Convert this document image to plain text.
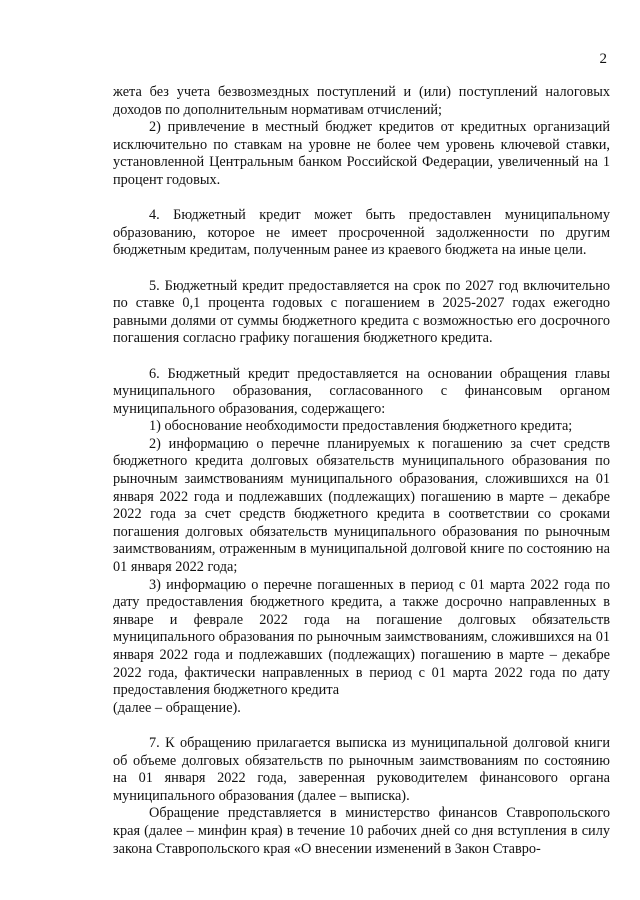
2

жета без учета безвозмездных поступлений и (или) поступлений налоговых доходов по дополнительным нормативам отчислений;

2) привлечение в местный бюджет кредитов от кредитных организаций исключительно по ставкам на уровне не более чем уровень ключевой ставки, установленной Центральным банком Российской Федерации, увеличенный на 1 процент годовых.

4. Бюджетный кредит может быть предоставлен муниципальному образованию, которое не имеет просроченной задолженности по другим бюджетным кредитам, полученным ранее из краевого бюджета на иные цели.

5. Бюджетный кредит предоставляется на срок по 2027 год включительно по ставке 0,1 процента годовых с погашением в 2025-2027 годах ежегодно равными долями от суммы бюджетного кредита с возможностью его досрочного погашения согласно графику погашения бюджетного кредита.

6. Бюджетный кредит предоставляется на основании обращения главы муниципального образования, согласованного с финансовым органом муниципального образования, содержащего:

1) обоснование необходимости предоставления бюджетного кредита;

2) информацию о перечне планируемых к погашению за счет средств бюджетного кредита долговых обязательств муниципального образования по рыночным заимствованиям муниципального образования, сложившихся на 01 января 2022 года и подлежавших (подлежащих) погашению в марте – декабре 2022 года за счет средств бюджетного кредита в соответствии со сроками погашения долговых обязательств муниципального образования по рыночным заимствованиям, отраженным в муниципальной долговой книге по состоянию на 01 января 2022 года;

3) информацию о перечне погашенных в период с 01 марта 2022 года по дату предоставления бюджетного кредита, а также досрочно направленных в январе и феврале 2022 года на погашение долговых обязательств муниципального образования по рыночным заимствованиям, сложившихся на 01 января 2022 года и подлежавших (подлежащих) погашению в марте – декабре 2022 года, фактически направленных в период с 01 марта 2022 года по дату предоставления бюджетного кредита

(далее – обращение).

7. К обращению прилагается выписка из муниципальной долговой книги об объеме долговых обязательств по рыночным заимствованиям по состоянию на 01 января 2022 года, заверенная руководителем финансового органа муниципального образования (далее – выписка).

Обращение представляется в министерство финансов Ставропольского края (далее – минфин края) в течение 10 рабочих дней со дня вступления в силу закона Ставропольского края «О внесении изменений в Закон Ставро-
